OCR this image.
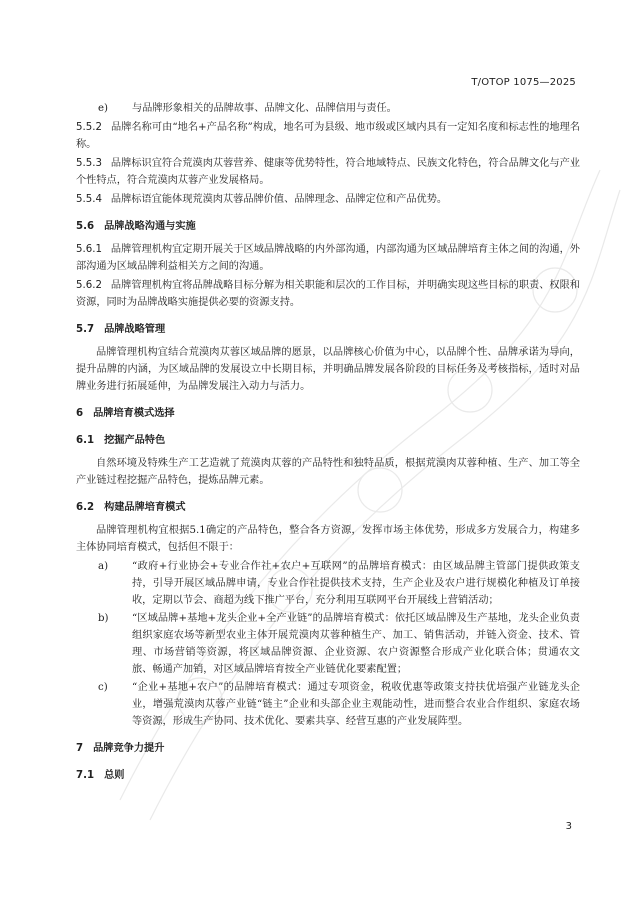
T/OTOP 1075—2025
e)	与品牌形象相关的品牌故事、品牌文化、品牌信用与责任。

5.5.2 品牌名称可由“地名+产品名称”构成，地名可为县级、地市级或区域内具有一定知名度和标志性的地理名称。

5.5.3 品牌标识宜符合荒漠肉苁蓉营养、健康等优势特性，符合地域特点、民族文化特色，符合品牌文化与产业个性特点，符合荒漠肉苁蓉产业发展格局。

5.5.4 品牌标语宜能体现荒漠肉苁蓉品牌价值、品牌理念、品牌定位和产品优势。

5.6 品牌战略沟通与实施

5.6.1 品牌管理机构宜定期开展关于区域品牌战略的内外部沟通，内部沟通为区域品牌培育主体之间的沟通，外部沟通为区域品牌利益相关方之间的沟通。

5.6.2 品牌管理机构宜将品牌战略目标分解为相关职能和层次的工作目标，并明确实现这些目标的职责、权限和资源，同时为品牌战略实施提供必要的资源支持。

5.7 品牌战略管理

品牌管理机构宜结合荒漠肉苁蓉区域品牌的愿景，以品牌核心价值为中心，以品牌个性、品牌承诺为导向，提升品牌的内涵，为区域品牌的发展设立中长期目标，并明确品牌发展各阶段的目标任务及考核指标，适时对品牌业务进行拓展延伸，为品牌发展注入动力与活力。

6 品牌培育模式选择

6.1 挖掘产品特色

自然环境及特殊生产工艺造就了荒漠肉苁蓉的产品特性和独特品质，根据荒漠肉苁蓉种植、生产、加工等全产业链过程挖掘产品特色，提炼品牌元素。

6.2 构建品牌培育模式

品牌管理机构宜根据5.1确定的产品特色，整合各方资源，发挥市场主体优势，形成多方发展合力，构建多主体协同培育模式，包括但不限于：

a)	“政府+行业协会+专业合作社+农户+互联网”的品牌培育模式：由区域品牌主管部门提供政策支持，引导开展区域品牌申请，专业合作社提供技术支持，生产企业及农户进行规模化种植及订单接收，定期以节会、商超为线下推广平台，充分利用互联网平台开展线上营销活动；
b)	“区域品牌+基地+龙头企业+全产业链”的品牌培育模式：依托区域品牌及生产基地，龙头企业负责组织家庭农场等新型农业主体开展荒漠肉苁蓉种植生产、加工、销售活动，并链入资金、技术、管理、市场营销等资源，将区域品牌资源、企业资源、农户资源整合形成产业化联合体；贯通农文旅、畅通产加销，对区域品牌培育按全产业链优化要素配置；
c)	“企业+基地+农户”的品牌培育模式：通过专项资金，税收优惠等政策支持扶优培强产业链龙头企业，增强荒漠肉苁蓉产业链“链主”企业和头部企业主观能动性，进而整合农业合作组织、家庭农场等资源，形成生产协同、技术优化、要素共享、经营互惠的产业发展阵型。

7 品牌竞争力提升

7.1 总则

3
